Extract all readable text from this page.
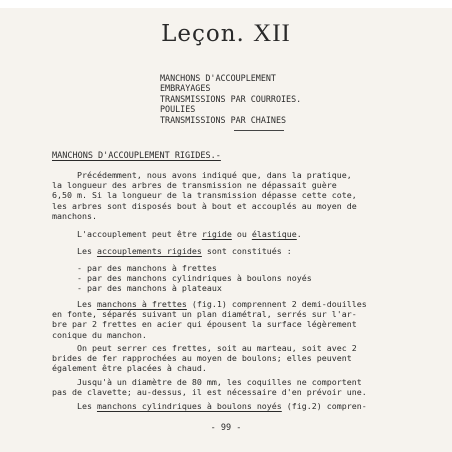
Leçon. XII
MANCHONS D'ACCOUPLEMENT
EMBRAYAGES
TRANSMISSIONS PAR COURROIES.
POULIES
TRANSMISSIONS PAR CHAINES
MANCHONS D'ACCOUPLEMENT RIGIDES.-
Précédemment, nous avons indiqué que, dans la pratique,
la longueur des arbres de transmission ne dépassait guère
6,50 m. Si la longueur de la transmission dépasse cette cote,
les arbres sont disposés bout à bout et accouplés au moyen de
manchons.
L'accouplement peut être rigide ou élastique.
Les accouplements rigides sont constitués :
- par des manchons à frettes
- par des manchons cylindriques à boulons noyés
- par des manchons à plateaux
Les manchons à frettes (fig.1) comprennent 2 demi-douilles
en fonte, séparés suivant un plan diamétral, serrés sur l'ar-
bre par 2 frettes en acier qui épousent la surface légèrement
conique du manchon.
On peut serrer ces frettes, soit au marteau, soit avec 2
brides de fer rapprochées au moyen de boulons; elles peuvent
également être placées à chaud.
Jusqu'à un diamètre de 80 mm, les coquilles ne comportent
pas de clavette; au-dessus, il est nécessaire d'en prévoir une.
Les manchons cylindriques à boulons noyés (fig.2) compren-
- 99 -
